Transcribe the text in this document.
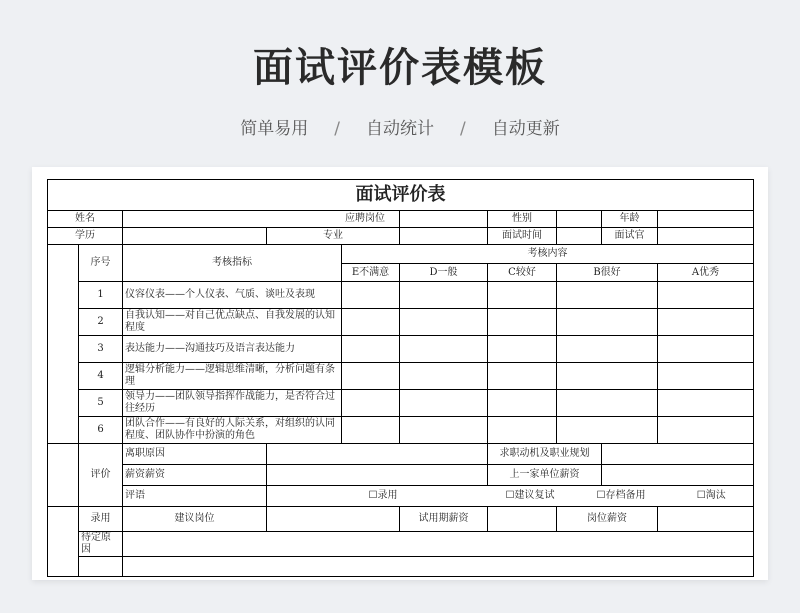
面试评价表模板
简单易用 / 自动统计 / 自动更新
面试评价表									
姓名		应聘岗位				性别		年龄	
学历			专业			面试时间		面试官	
	序号	考核指标		考核内容					
				E不满意	D一般	C较好	B很好		A优秀
	1	仪容仪表——个人仪表、气质、谈吐及表现							
	2	自我认知——对自己优点缺点、自我发展的认知程度							
	3	表达能力——沟通技巧及语言表达能力							
	4	逻辑分析能力——逻辑思维清晰，分析问题有条理							
	5	领导力——团队领导指挥作战能力，是否符合过往经历							
	6	团队合作——有良好的人际关系，对组织的认同程度、团队协作中扮演的角色							
	评价	离职原因				求职动机及职业规划			
		薪资薪资				上一家单位薪资			
		评语	☐录用		☐建议复试		☐存档备用		☐淘汰
	录用	建议岗位			试用期薪资		岗位薪资		
	待定原因								
